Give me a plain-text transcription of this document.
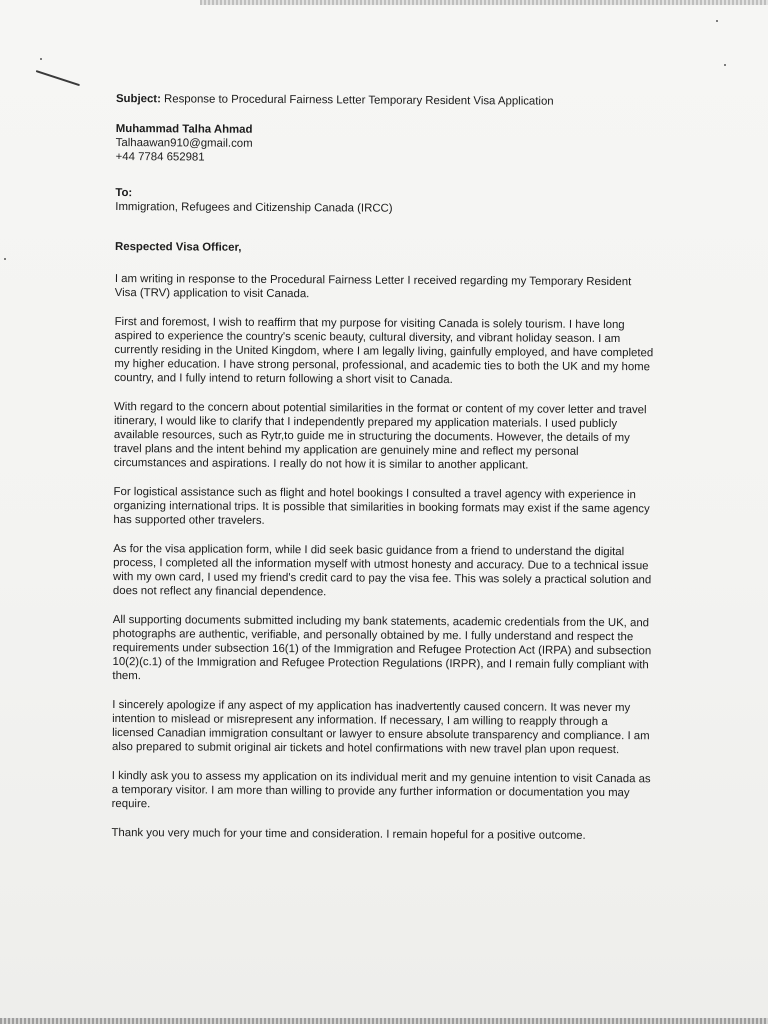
Subject: Response to Procedural Fairness Letter Temporary Resident Visa Application
Muhammad Talha Ahmad
Talhaawan910@gmail.com
+44 7784 652981
To:
Immigration, Refugees and Citizenship Canada (IRCC)
Respected Visa Officer,

I am writing in response to the Procedural Fairness Letter I received regarding my Temporary Resident Visa (TRV) application to visit Canada.

First and foremost, I wish to reaffirm that my purpose for visiting Canada is solely tourism. I have long aspired to experience the country's scenic beauty, cultural diversity, and vibrant holiday season. I am currently residing in the United Kingdom, where I am legally living, gainfully employed, and have completed my higher education. I have strong personal, professional, and academic ties to both the UK and my home country, and I fully intend to return following a short visit to Canada.

With regard to the concern about potential similarities in the format or content of my cover letter and travel itinerary, I would like to clarify that I independently prepared my application materials. I used publicly available resources, such as Rytr,to guide me in structuring the documents. However, the details of my travel plans and the intent behind my application are genuinely mine and reflect my personal circumstances and aspirations. I really do not how it is similar to another applicant.

For logistical assistance such as flight and hotel bookings I consulted a travel agency with experience in organizing international trips. It is possible that similarities in booking formats may exist if the same agency has supported other travelers.

As for the visa application form, while I did seek basic guidance from a friend to understand the digital process, I completed all the information myself with utmost honesty and accuracy. Due to a technical issue with my own card, I used my friend's credit card to pay the visa fee. This was solely a practical solution and does not reflect any financial dependence.

All supporting documents submitted including my bank statements, academic credentials from the UK, and photographs are authentic, verifiable, and personally obtained by me. I fully understand and respect the requirements under subsection 16(1) of the Immigration and Refugee Protection Act (IRPA) and subsection 10(2)(c.1) of the Immigration and Refugee Protection Regulations (IRPR), and I remain fully compliant with them.

I sincerely apologize if any aspect of my application has inadvertently caused concern. It was never my intention to mislead or misrepresent any information. If necessary, I am willing to reapply through a licensed Canadian immigration consultant or lawyer to ensure absolute transparency and compliance. I am also prepared to submit original air tickets and hotel confirmations with new travel plan upon request.

I kindly ask you to assess my application on its individual merit and my genuine intention to visit Canada as a temporary visitor. I am more than willing to provide any further information or documentation you may require.

Thank you very much for your time and consideration. I remain hopeful for a positive outcome.
